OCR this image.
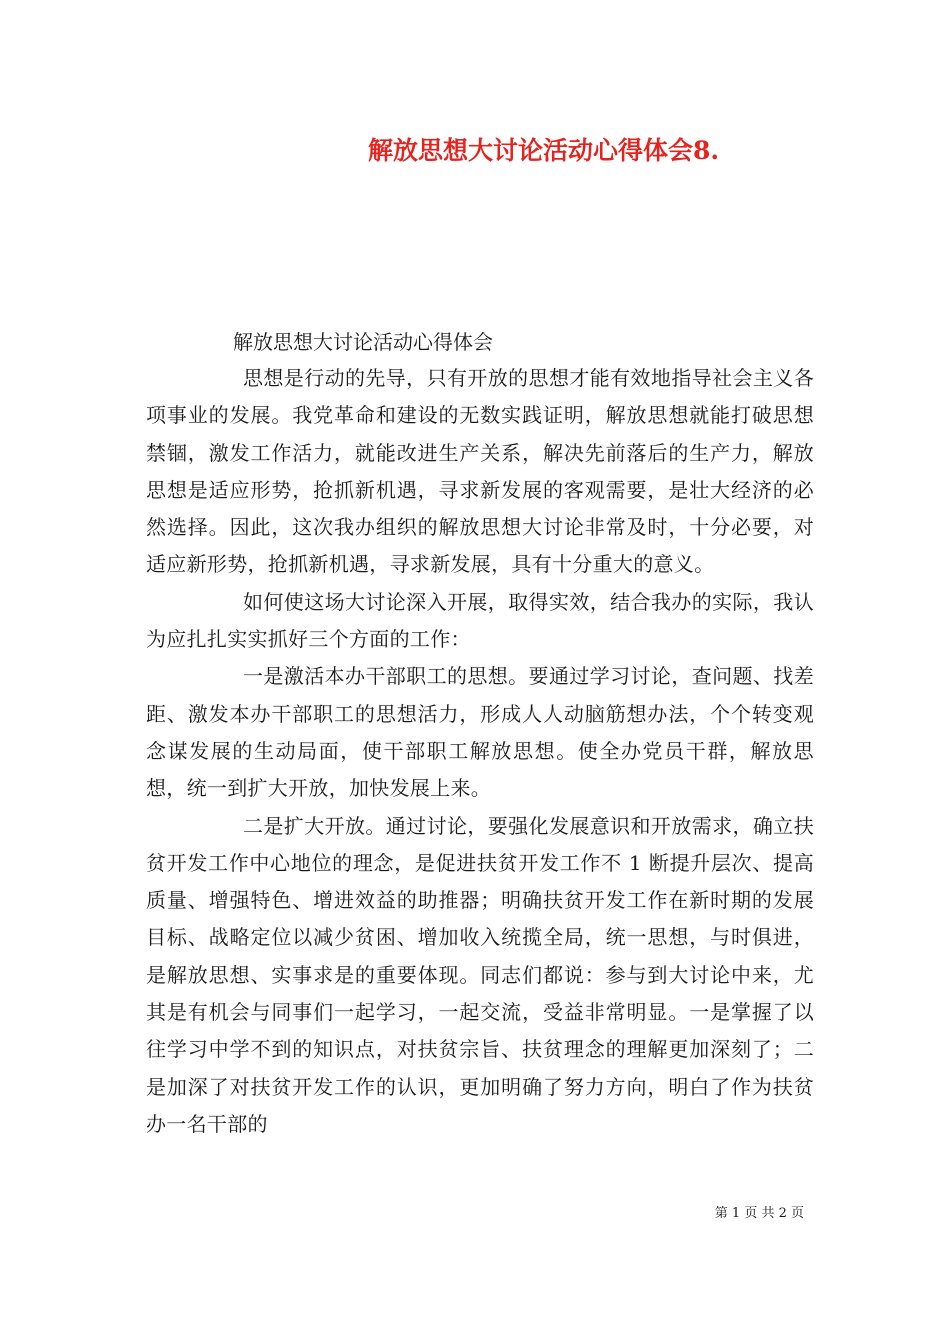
解放思想大讨论活动心得体会8.

解放思想大讨论活动心得体会

思想是行动的先导，只有开放的思想才能有效地指导社会主义各项事业的发展。我党革命和建设的无数实践证明，解放思想就能打破思想禁锢，激发工作活力，就能改进生产关系，解决先前落后的生产力，解放思想是适应形势，抢抓新机遇，寻求新发展的客观需要，是壮大经济的必然选择。因此，这次我办组织的解放思想大讨论非常及时，十分必要，对适应新形势，抢抓新机遇，寻求新发展，具有十分重大的意义。

如何使这场大讨论深入开展，取得实效，结合我办的实际，我认为应扎扎实实抓好三个方面的工作：

一是激活本办干部职工的思想。要通过学习讨论，查问题、找差距、激发本办干部职工的思想活力，形成人人动脑筋想办法，个个转变观念谋发展的生动局面，使干部职工解放思想。使全办党员干群，解放思想，统一到扩大开放，加快发展上来。

二是扩大开放。通过讨论，要强化发展意识和开放需求，确立扶贫开发工作中心地位的理念，是促进扶贫开发工作不 1 断提升层次、提高质量、增强特色、增进效益的助推器；明确扶贫开发工作在新时期的发展目标、战略定位以减少贫困、增加收入统揽全局，统一思想，与时俱进，是解放思想、实事求是的重要体现。同志们都说：参与到大讨论中来，尤其是有机会与同事们一起学习，一起交流，受益非常明显。一是掌握了以往学习中学不到的知识点，对扶贫宗旨、扶贫理念的理解更加深刻了；二是加深了对扶贫开发工作的认识，更加明确了努力方向，明白了作为扶贫办一名干部的

第 1 页 共 2 页
